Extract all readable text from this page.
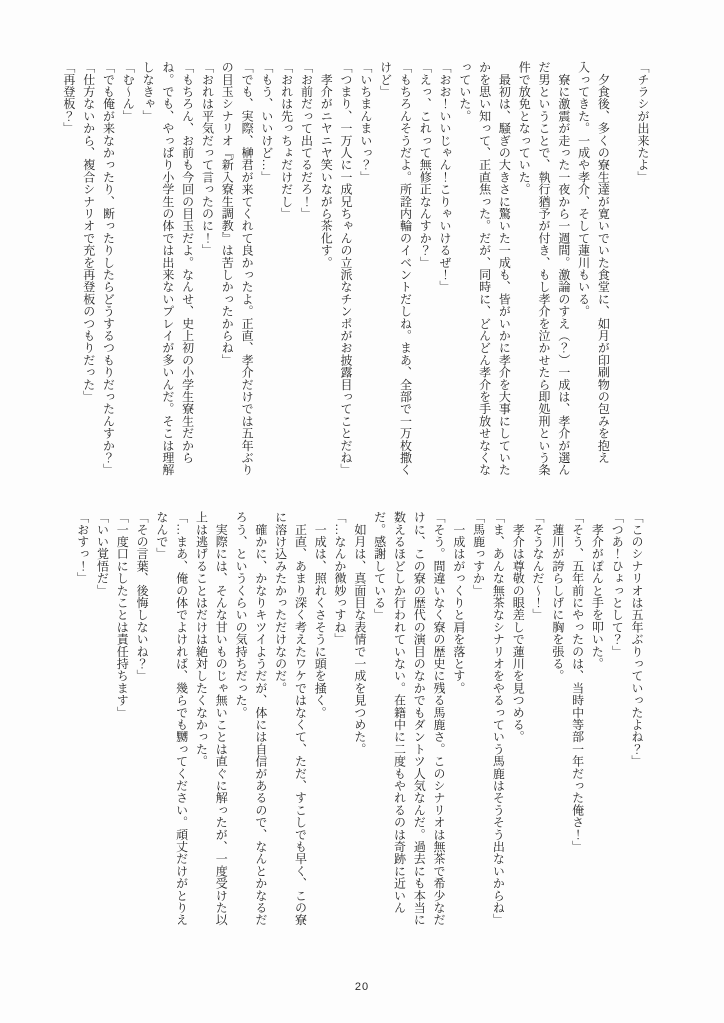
「チラシが出来たよ」
　夕食後、多くの寮生達が寛いでいた食堂に、如月が印刷物の包みを抱え
入ってきた。一成や孝介、そして蓮川もいる。
　寮に激震が走った一夜から一週間。激論のすえ（？）一成は、孝介が選ん
だ男ということで、執行猶予が付き、もし孝介を泣かせたら即処刑という条
件で放免となっていた。
　最初は、騒ぎの大きさに驚いた一成も、皆がいかに孝介を大事にしていた
かを思い知って、正直焦った。だが、同時に、どんどん孝介を手放せなくな
っていた。
「おお！いいじゃん！こりゃいけるぜ！」
「えっ、これって無修正なんすか？」
「もちろんそうだよ。所詮内輪のイベントだしね。まあ、全部で一万枚撒く
けど」
「いちまんまいっ？」
「つまり、一万人に一成兄ちゃんの立派なチンポがお披露目ってことだね」
　孝介がニヤニヤ笑いながら茶化す。
「お前だって出てるだろ！」
「おれは先っちょだけだし」
「もう、いいけど…」
「でも、実際、榊君が来てくれて良かったよ。正直、孝介だけでは五年ぶり
の目玉シナリオ『新入寮生調教』は苦しかったからね」
「おれは平気だって言ったのに！」
「もちろん、お前も今回の目玉だよ。なんせ、史上初の小学生寮生だから
ね。でも、やっぱり小学生の体では出来ないプレイが多いんだ。そこは理解
しなきゃ」
「む〜ん」
「でも俺が来なかったり、断ったりしたらどうするつもりだったんすか？」
「仕方ないから、複合シナリオで充を再登板のつもりだった」
「再登板？」
「このシナリオは五年ぶりっていったよね？」
「つあ！ひょっとして？」
　孝介がぽんと手を叩いた。
「そう、五年前にやったのは、当時中等部一年だった俺さ！」
　蓮川が誇らしげに胸を張る。
「そうなんだ〜！」
　孝介は尊敬の眼差しで蓮川を見つめる。
「ま、あんな無茶なシナリオをやるっていう馬鹿はそうそう出ないからね」
「馬鹿っすか」
　一成はがっくりと肩を落とす。
「そう。間違いなく寮の歴史に残る馬鹿さ。このシナリオは無茶で希少なだ
けに、この寮の歴代の演目のなかでもダントツ人気なんだ。過去にも本当に
数えるほどしか行われていない。在籍中に二度もやれるのは奇跡に近いん
だ。感謝している」
　如月は、真面目な表情で一成を見つめた。
「…なんか微妙っすね」
　一成は、照れくさそうに頭を掻く。
　正直、あまり深く考えたワケではなくて、ただ、すこしでも早く、この寮
に溶け込みたかっただけなのだ。
　確かに、かなりキツイようだが、体には自信があるので、なんとかなるだ
ろう、というくらいの気持ちだった。
　実際には、そんな甘いものじゃ無いことは直ぐに解ったが、一度受けた以
上は逃げることはだけは絶対したくなかった。
「…まあ、俺の体でよければ、幾らでも嬲ってください。頑丈だけがとりえ
なんで」
「その言葉、後悔しないね？」
「一度口にしたことは責任持ちます」
「いい覚悟だ」
「おすっ！」
20
